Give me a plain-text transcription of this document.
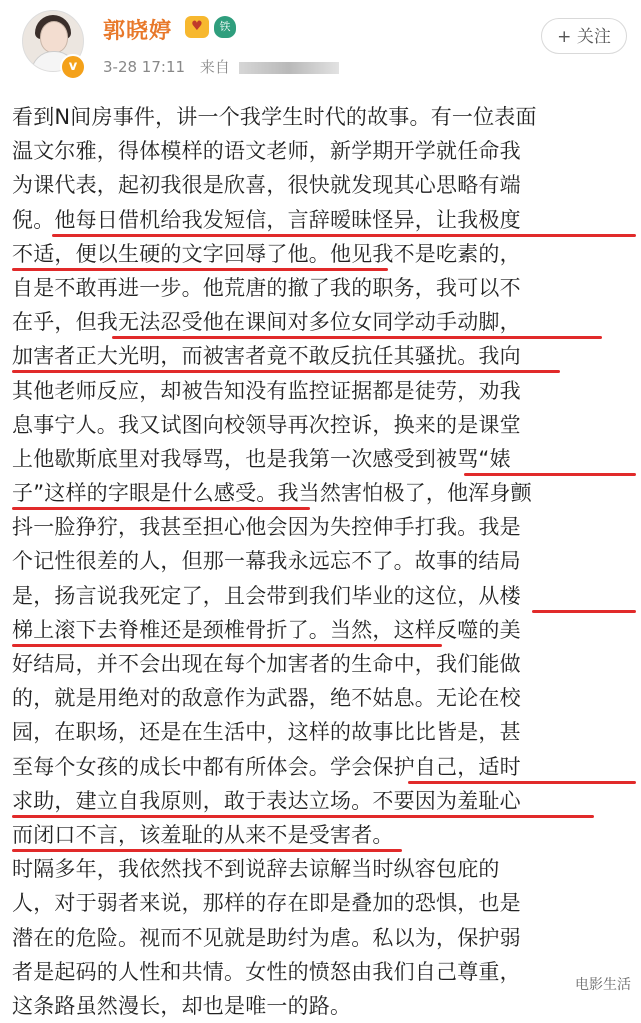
v
郭晓婷	♥	铁
3-28 17:11 来自
+ 关注
看到N间房事件，讲一个我学生时代的故事。有一位表面
温文尔雅，得体模样的语文老师，新学期开学就任命我
为课代表，起初我很是欣喜，很快就发现其心思略有端
倪。他每日借机给我发短信，言辞暧昧怪异，让我极度
不适，便以生硬的文字回辱了他。他见我不是吃素的，
自是不敢再进一步。他荒唐的撤了我的职务，我可以不
在乎，但我无法忍受他在课间对多位女同学动手动脚，
加害者正大光明，而被害者竟不敢反抗任其骚扰。我向
其他老师反应，却被告知没有监控证据都是徒劳，劝我
息事宁人。我又试图向校领导再次控诉，换来的是课堂
上他歇斯底里对我辱骂，也是我第一次感受到被骂“婊
子”这样的字眼是什么感受。我当然害怕极了，他浑身颤
抖一脸狰狞，我甚至担心他会因为失控伸手打我。我是
个记性很差的人，但那一幕我永远忘不了。故事的结局
是，扬言说我死定了，且会带到我们毕业的这位，从楼
梯上滚下去脊椎还是颈椎骨折了。当然，这样反噬的美
好结局，并不会出现在每个加害者的生命中，我们能做
的，就是用绝对的敌意作为武器，绝不姑息。无论在校
园，在职场，还是在生活中，这样的故事比比皆是，甚
至每个女孩的成长中都有所体会。学会保护自己，适时
求助，建立自我原则，敢于表达立场。不要因为羞耻心
而闭口不言，该羞耻的从来不是受害者。
时隔多年，我依然找不到说辞去谅解当时纵容包庇的
人，对于弱者来说，那样的存在即是叠加的恐惧，也是
潜在的危险。视而不见就是助纣为虐。私以为，保护弱
者是起码的人性和共情。女性的愤怒由我们自己尊重，
这条路虽然漫长，却也是唯一的路。
电影生活
